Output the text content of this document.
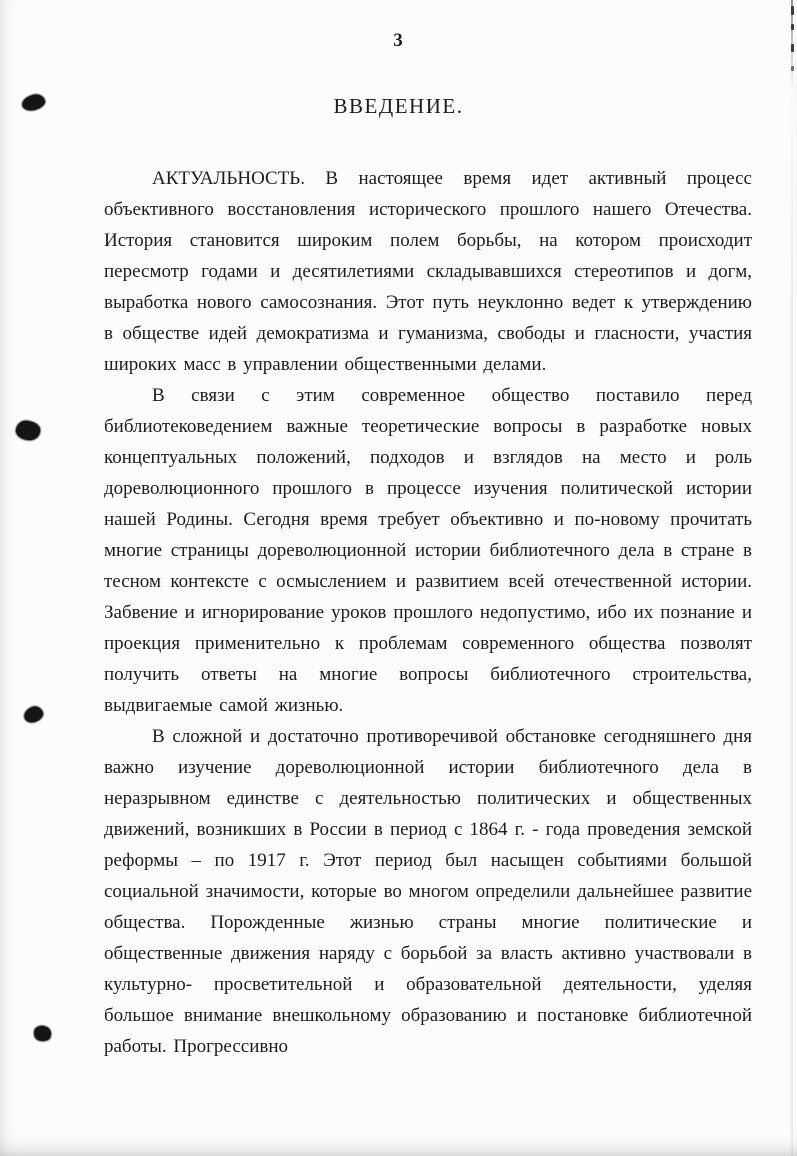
3
ВВЕДЕНИЕ.

АКТУАЛЬНОСТЬ. В настоящее время идет активный процесс объективного восстановления исторического прошлого нашего Отечества. История становится широким полем борьбы, на котором происходит пересмотр годами и десятилетиями складывавшихся стереотипов и догм, выработка нового самосознания. Этот путь неуклонно ведет к утверждению в обществе идей демократизма и гуманизма, свободы и гласности, участия широких масс в управлении общественными делами.

В связи с этим современное общество поставило перед библиотековедением важные теоретические вопросы в разработке новых концептуальных положений, подходов и взглядов на место и роль дореволюционного прошлого в процессе изучения политической истории нашей Родины. Сегодня время требует объективно и по-новому прочитать многие страницы дореволюционной истории библиотечного дела в стране в тесном контексте с осмыслением и развитием всей отечественной истории. Забвение и игнорирование уроков прошлого недопустимо, ибо их познание и проекция применительно к проблемам современного общества позволят получить ответы на многие вопросы библиотечного строительства, выдвигаемые самой жизнью.

В сложной и достаточно противоречивой обстановке сегодняшнего дня важно изучение дореволюционной истории библиотечного дела в неразрывном единстве с деятельностью политических и общественных движений, возникших в России в период с 1864 г. - года проведения земской реформы – по 1917 г. Этот период был насыщен событиями большой социальной значимости, которые во многом определили дальнейшее развитие общества. Порожденные жизнью страны многие политические и общественные движения наряду с борьбой за власть активно участвовали в культурно- просветительной и образовательной деятельности, уделяя большое внимание внешкольному образованию и постановке библиотечной работы. Прогрессивно
